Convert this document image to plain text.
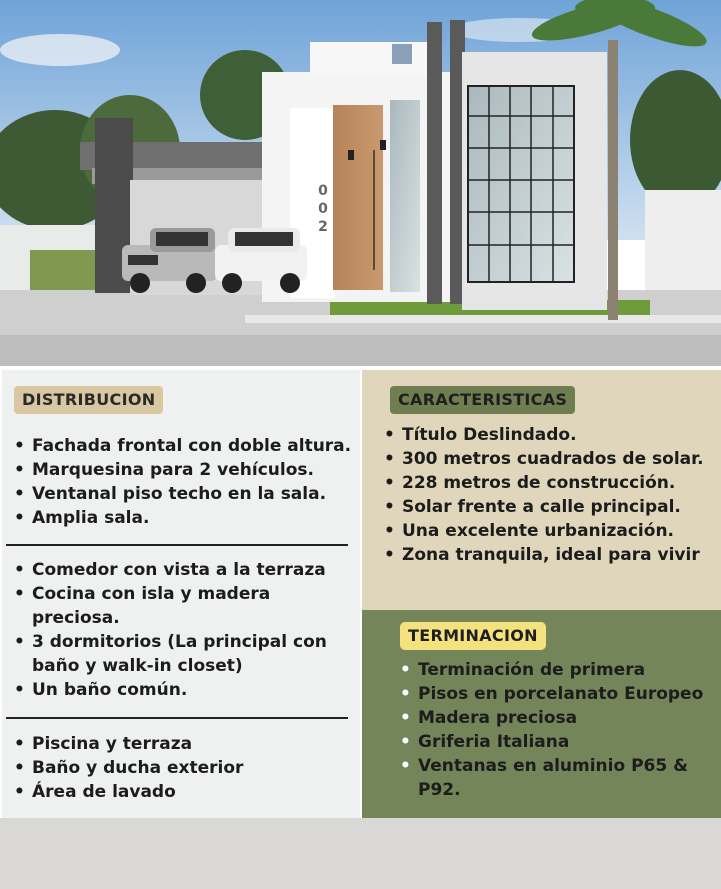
0
0
2
DISTRIBUCION
• Fachada frontal con doble altura.
• Marquesina para 2 vehículos.
• Ventanal piso techo en la sala.
• Amplia sala.
• Comedor con vista a la terraza
• Cocina con isla y madera preciosa.
• 3 dormitorios (La principal con baño y walk-in closet)
• Un baño común.
• Piscina y terraza
• Baño y ducha exterior
• Área de lavado
CARACTERISTICAS
• Título Deslindado.
• 300 metros cuadrados de solar.
• 228 metros de construcción.
• Solar frente a calle principal.
• Una excelente urbanización.
• Zona tranquila, ideal para vivir
TERMINACION
• Terminación de primera
• Pisos en porcelanato Europeo
• Madera preciosa
• Griferia Italiana
• Ventanas en aluminio P65 & P92.
